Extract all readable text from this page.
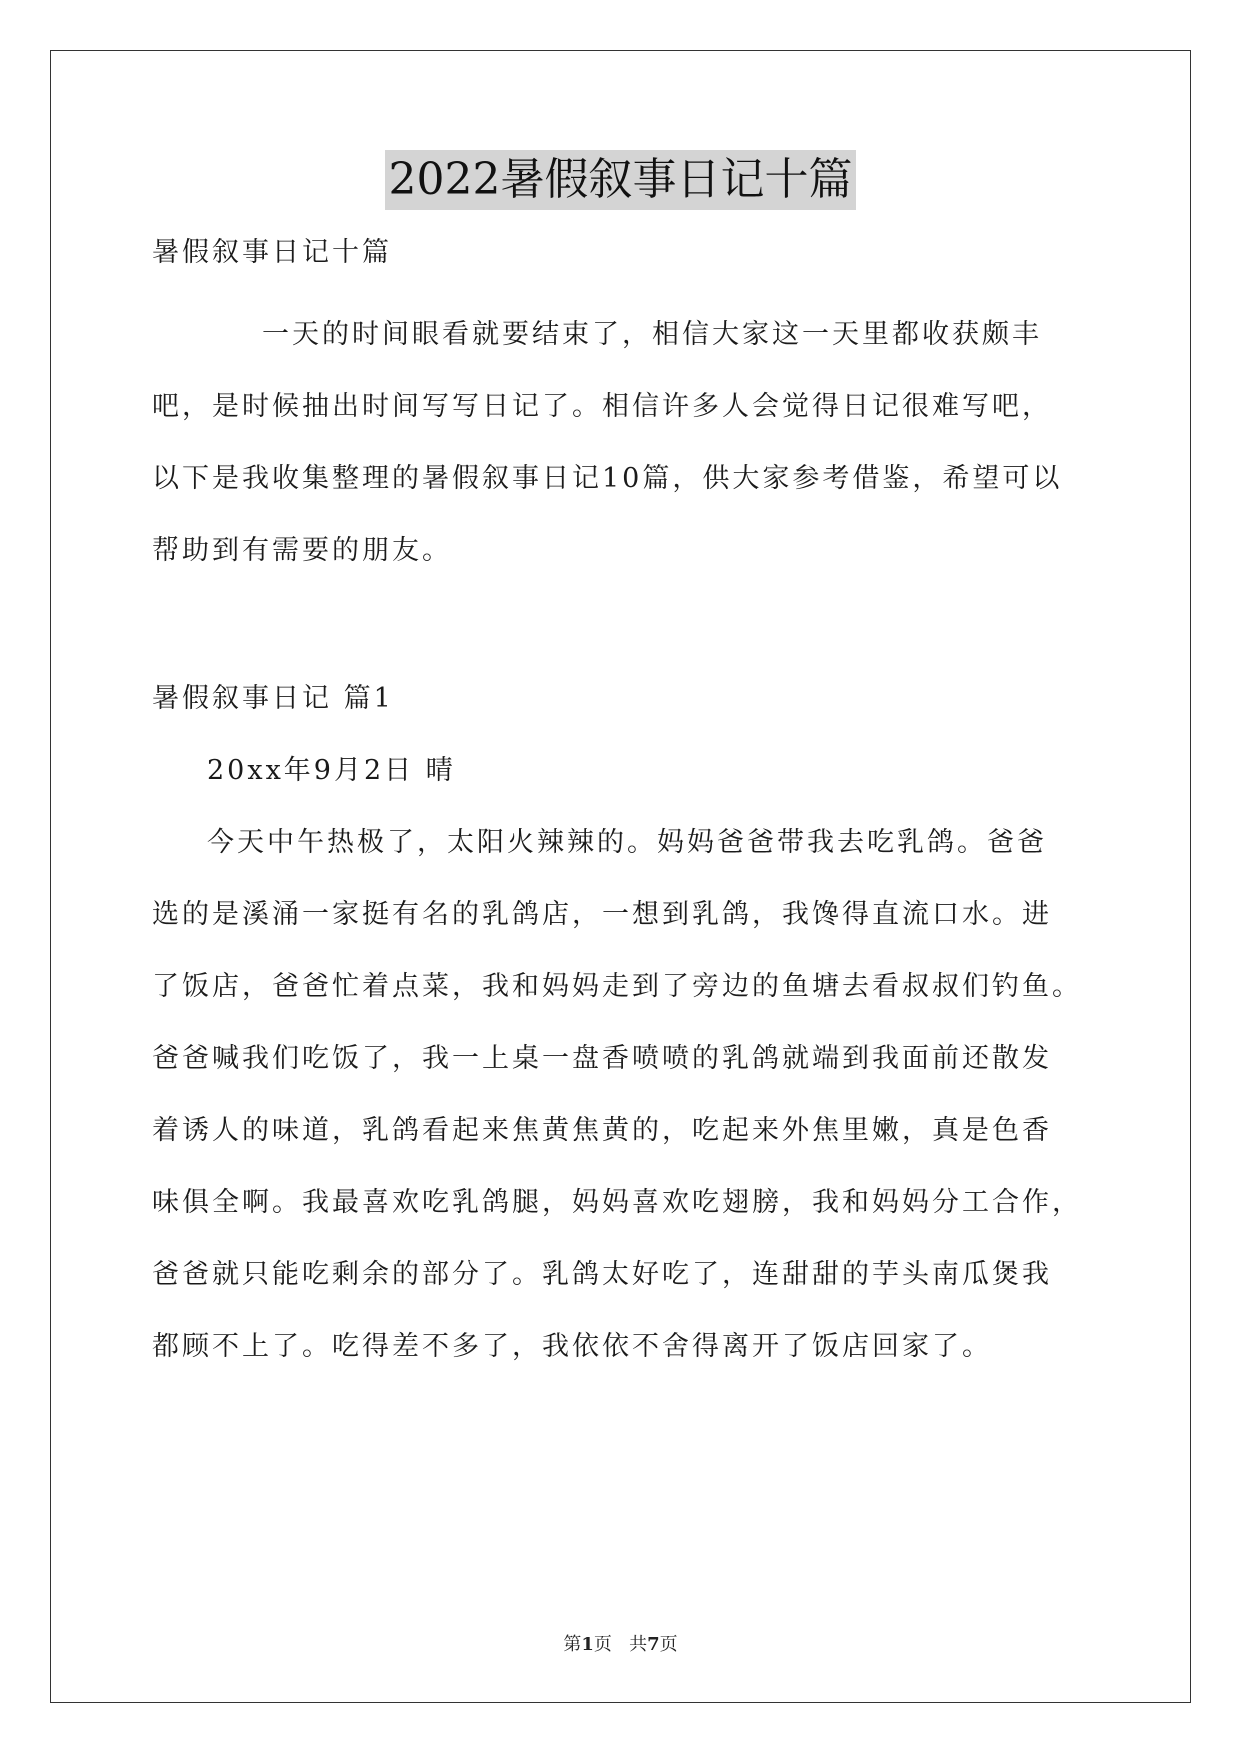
2022暑假叙事日记十篇
暑假叙事日记十篇
一天的时间眼看就要结束了，相信大家这一天里都收获颇丰
吧，是时候抽出时间写写日记了。相信许多人会觉得日记很难写吧，
以下是我收集整理的暑假叙事日记10篇，供大家参考借鉴，希望可以
帮助到有需要的朋友。
暑假叙事日记 篇1
20xx年9月2日 晴
今天中午热极了，太阳火辣辣的。妈妈爸爸带我去吃乳鸽。爸爸
选的是溪涌一家挺有名的乳鸽店，一想到乳鸽，我馋得直流口水。进
了饭店，爸爸忙着点菜，我和妈妈走到了旁边的鱼塘去看叔叔们钓鱼。
爸爸喊我们吃饭了，我一上桌一盘香喷喷的乳鸽就端到我面前还散发
着诱人的味道，乳鸽看起来焦黄焦黄的，吃起来外焦里嫩，真是色香
味俱全啊。我最喜欢吃乳鸽腿，妈妈喜欢吃翅膀，我和妈妈分工合作，
爸爸就只能吃剩余的部分了。乳鸽太好吃了，连甜甜的芋头南瓜煲我
都顾不上了。吃得差不多了，我依依不舍得离开了饭店回家了。
第1页 共7页
